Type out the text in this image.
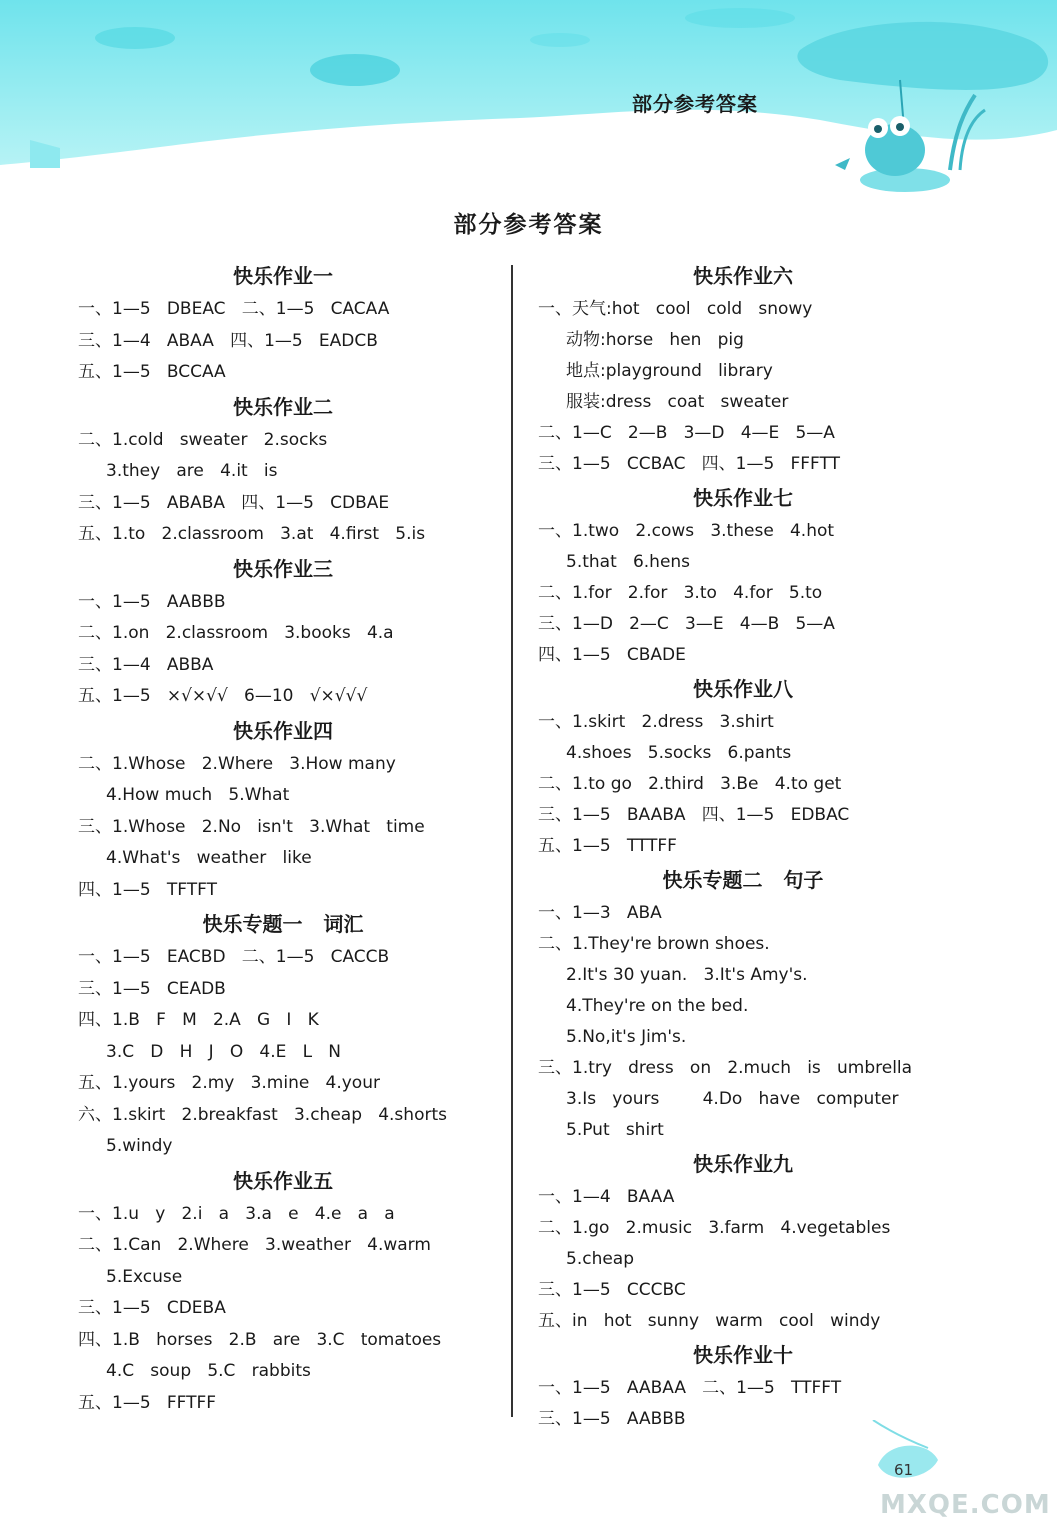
部分参考答案
部分参考答案
快乐作业一
一、1—5   DBEAC   二、1—5   CACAA
三、1—4   ABAA   四、1—5   EADCB
五、1—5   BCCAA
快乐作业二
二、1.cold   sweater   2.socks
3.they   are   4.it   is
三、1—5   ABABA   四、1—5   CDBAE
五、1.to   2.classroom   3.at   4.first   5.is
快乐作业三
一、1—5   AABBB
二、1.on   2.classroom   3.books   4.a
三、1—4   ABBA
五、1—5   ×√×√√   6—10   √×√√√
快乐作业四
二、1.Whose   2.Where   3.How many
4.How much   5.What
三、1.Whose   2.No   isn't   3.What   time
4.What's   weather   like
四、1—5   TFTFT
快乐专题一   词汇
一、1—5   EACBD   二、1—5   CACCB
三、1—5   CEADB
四、1.B   F   M   2.A   G   I   K
3.C   D   H   J   O   4.E   L   N
五、1.yours   2.my   3.mine   4.your
六、1.skirt   2.breakfast   3.cheap   4.shorts
5.windy
快乐作业五
一、1.u   y   2.i   a   3.a   e   4.e   a   a
二、1.Can   2.Where   3.weather   4.warm
5.Excuse
三、1—5   CDEBA
四、1.B   horses   2.B   are   3.C   tomatoes
4.C   soup   5.C   rabbits
五、1—5   FFTFF
快乐作业六
一、天气:hot   cool   cold   snowy
动物:horse   hen   pig
地点:playground   library
服装:dress   coat   sweater
二、1—C   2—B   3—D   4—E   5—A
三、1—5   CCBAC   四、1—5   FFFTT
快乐作业七
一、1.two   2.cows   3.these   4.hot
5.that   6.hens
二、1.for   2.for   3.to   4.for   5.to
三、1—D   2—C   3—E   4—B   5—A
四、1—5   CBADE
快乐作业八
一、1.skirt   2.dress   3.shirt
4.shoes   5.socks   6.pants
二、1.to go   2.third   3.Be   4.to get
三、1—5   BAABA   四、1—5   EDBAC
五、1—5   TTTFF
快乐专题二   句子
一、1—3   ABA
二、1.They're brown shoes.
2.It's 30 yuan.   3.It's Amy's.
4.They're on the bed.
5.No,it's Jim's.
三、1.try   dress   on   2.much   is   umbrella
3.Is   yours        4.Do   have   computer
5.Put   shirt
快乐作业九
一、1—4   BAAA
二、1.go   2.music   3.farm   4.vegetables
5.cheap
三、1—5   CCCBC
五、in   hot   sunny   warm   cool   windy
快乐作业十
一、1—5   AABAA   二、1—5   TTFFT
三、1—5   AABBB
61
MXQE.COM
